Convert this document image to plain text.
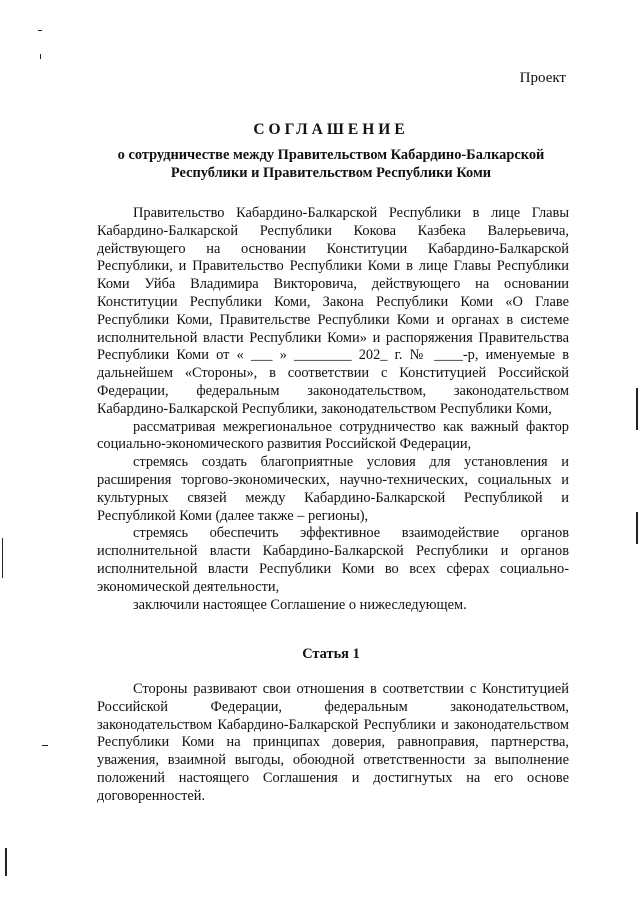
Проект
СОГЛАШЕНИЕ
о сотрудничестве между Правительством Кабардино-Балкарской
Республики и Правительством Республики Коми

Правительство Кабардино-Балкарской Республики в лице Главы Кабардино-Балкарской Республики Кокова Казбека Валерьевича, действующего на основании Конституции Кабардино-Балкарской Республики, и Правительство Республики Коми в лице Главы Республики Коми Уйба Владимира Викторовича, действующего на основании Конституции Республики Коми, Закона Республики Коми «О Главе Республики Коми, Правительстве Республики Коми и органах в системе исполнительной власти Республики Коми» и распоряжения Правительства Республики Коми от « ___ » ________ 202_ г. № ____-р, именуемые в дальнейшем «Стороны», в соответствии с Конституцией Российской Федерации, федеральным законодательством, законодательством Кабардино-Балкарской Республики, законодательством Республики Коми,

рассматривая межрегиональное сотрудничество как важный фактор социально-экономического развития Российской Федерации,

стремясь создать благоприятные условия для установления и расширения торгово-экономических, научно-технических, социальных и культурных связей между Кабардино-Балкарской Республикой и Республикой Коми (далее также – регионы),

стремясь обеспечить эффективное взаимодействие органов исполнительной власти Кабардино-Балкарской Республики и органов исполнительной власти Республики Коми во всех сферах социально-экономической деятельности,

заключили настоящее Соглашение о нижеследующем.

Статья 1

Стороны развивают свои отношения в соответствии с Конституцией Российской Федерации, федеральным законодательством, законодательством Кабардино-Балкарской Республики и законодательством Республики Коми на принципах доверия, равноправия, партнерства, уважения, взаимной выгоды, обоюдной ответственности за выполнение положений настоящего Соглашения и достигнутых на его основе договоренностей.
